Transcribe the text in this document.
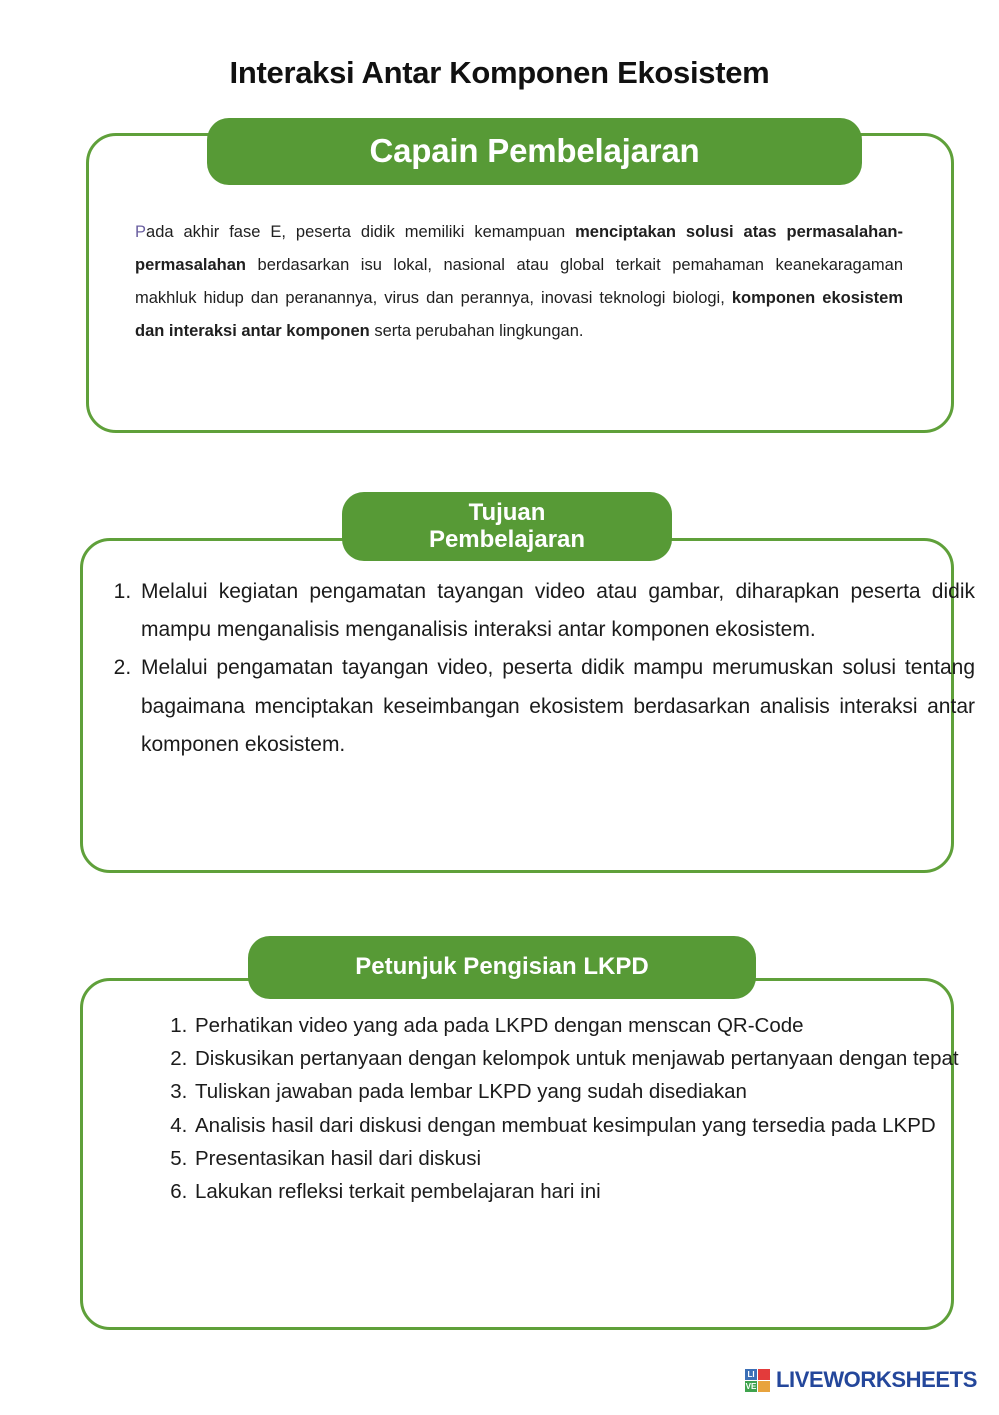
Interaksi Antar Komponen Ekosistem
Pada akhir fase E, peserta didik memiliki kemampuan menciptakan solusi atas permasalahan-permasalahan berdasarkan isu lokal, nasional atau global terkait pemahaman keanekaragaman makhluk hidup dan peranannya, virus dan perannya, inovasi teknologi biologi, komponen ekosistem dan interaksi antar komponen serta perubahan lingkungan.
Capain Pembelajaran
1. Melalui kegiatan pengamatan tayangan video atau gambar, diharapkan peserta didik mampu menganalisis menganalisis interaksi antar komponen ekosistem.
2. Melalui pengamatan tayangan video, peserta didik mampu merumuskan solusi tentang bagaimana menciptakan keseimbangan ekosistem berdasarkan analisis interaksi antar komponen ekosistem.
Tujuan
Pembelajaran
1. Perhatikan video yang ada pada LKPD dengan menscan QR-Code
2. Diskusikan pertanyaan dengan kelompok untuk menjawab pertanyaan dengan tepat
3. Tuliskan jawaban pada lembar LKPD yang sudah disediakan
4. Analisis hasil dari diskusi dengan membuat kesimpulan yang tersedia pada LKPD
5. Presentasikan hasil dari diskusi
6. Lakukan refleksi terkait pembelajaran hari ini
Petunjuk Pengisian LKPD
LI
VE LIVEWORKSHEETS
